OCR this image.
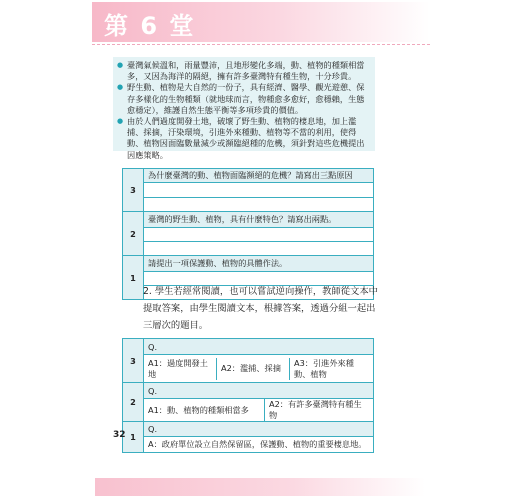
第 6 堂
● 臺灣氣候溫和，雨量豐沛，且地形變化多端，動、植物的種類相當多，又因為海洋的隔絕，擁有許多臺灣特有種生物，十分珍貴。
● 野生動、植物是大自然的一份子，具有經濟、醫學、觀光遊憩、保存多樣化的生物種類（就地球而言，物種愈多愈好，愈穩賴，生態愈穩定），維護自然生態平衡等多項珍貴的價值。
● 由於人們過度開發土地，破壞了野生動、植物的棲息地，加上濫捕、採摘，汙染環境，引進外來種動、植物等不當的利用，使得動、植物因面臨數量減少或瀕臨絕種的危機，須針對這些危機提出因應策略。
3	為什麼臺灣的動、植物面臨瀕絕的危機？請寫出三點原因

2	臺灣的野生動、植物，具有什麼特色？請寫出兩點。

1	請提出一項保護動、植物的具體作法。

2. 學生若經常閱讀，也可以嘗試逆向操作，教師從文本中提取答案，由學生閱讀文本，根據答案，透過分組一起出三層次的題目。
3	Q.

A1：過度開發土地
A2：濫捕、採摘
A3：引進外來種動、植物

2	Q.

A1：動、植物的種類相當多
A2：有許多臺灣特有種生物

1	Q.
	A：政府單位設立自然保留區，保護動、植物的重要棲息地。
32
